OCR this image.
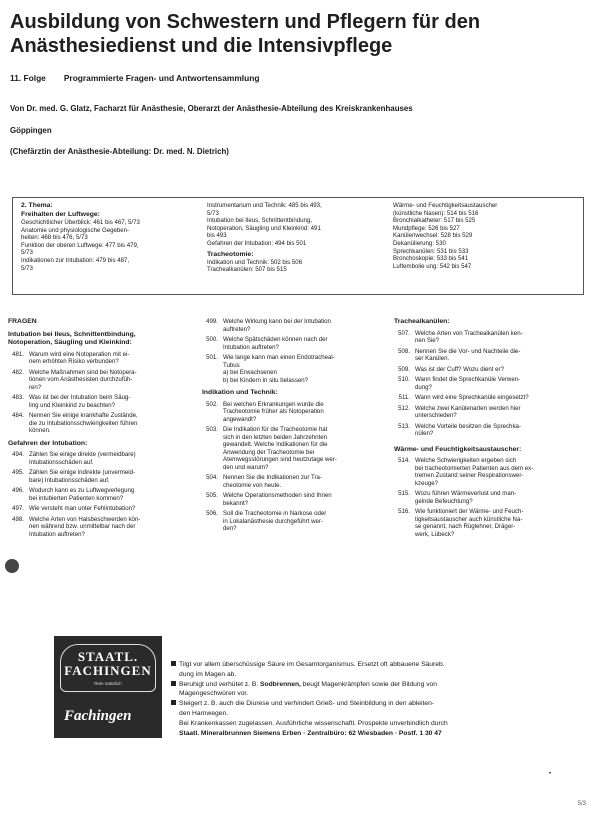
Ausbildung von Schwestern und Pflegern für den
Anästhesiedienst und die Intensivpflege
11. Folge Programmierte Fragen- und Antwortensammlung
Von Dr. med. G. Glatz, Facharzt für Anästhesie, Oberarzt der Anästhesie-Abteilung des Kreiskrankenhauses
Göppingen
(Chefärztin der Anästhesie-Abteilung: Dr. med. N. Dietrich)
2. Thema:
Freihalten der Luftwege:
Geschichtlicher Überblick: 461 bis 467, 5/73
Anatomie und physiologische Gegeben-
heiten: 468 bis 476, 5/73
Funktion der oberen Luftwege: 477 bis 479,
5/73
Indikationen zur Intubation: 479 bis 487,
5/73
Instrumentarium und Technik: 485 bis 493,
5/73
Intubation bei Ileus, Schnittentbindung,
Notoperation, Säugling und Kleinkind: 491
bis 493
Gefahren der Intubation: 494 bis 501
Tracheotomie:
Indikation und Technik: 502 bis 506
Trachealkanülen: 507 bis 515
Wärme- und Feuchtigkeitsaustauscher
(künstliche Nasen): 514 bis 516
Bronchialkatheter: 517 bis 525
Mundpflege: 526 bis 527
Kanülenwechsel: 528 bis 529
Dekanülierung: 530
Sprechkanülen: 531 bis 533
Bronchoskopie: 533 bis 541
Luftembolie ung: 542 bis 547
FRAGEN
Intubation bei Ileus, Schnittentbindung,
Notoperation, Säugling und Kleinkind:
481. Warum wird eine Notoperation mit ei-
nem erhöhten Risiko verbunden?
482. Welche Maßnahmen sind bei Notopera-
tionen vom Anästhesisten durchzufüh-
ren?
483. Was ist bei der Intubation beim Säug-
ling und Kleinkind zu beachten?
484. Nennen Sie einige krankhafte Zustände,
die zu Intubationsschwierigkeiten führen
können.
Gefahren der Intubation:
494. Zählen Sie einige direkte (vermeidbare)
Intubationsschäden auf.
495. Zählen Sie einige indirekte (unvermeid-
bare) Intubationsschäden auf.
496. Wodurch kann es zu Luftwegverlegung
bei intubierten Patienten kommen?
497. Wie versteht man unter Fehlintubation?
498. Welche Arten von Halsbeschwerden kön-
nen während bzw. unmittelbar nach der
Intubation auftreten?
499. Welche Wirkung kann bei der Intubation
auftreten?
500. Welche Spätschäden können nach der
Intubation auftreten?
501. Wie lange kann man einen Endotracheal-
Tubus
a) bei Erwachsenen
b) bei Kindern in situ belassen?
Indikation und Technik:
502. Bei welchen Erkrankungen wurde die
Tracheotomie früher als Notoperation
angewandt?
503. Die Indikation für die Tracheotomie hat
sich in den letzten beiden Jahrzehnten
gewandelt. Welche Indikationen für die
Anwendung der Tracheotomie bei
Atemwegsstörungen sind heutzutage wer-
den und warum?
504. Nennen Sie die Indikationen zur Tra-
cheotomie von heute.
505. Welche Operationsmethoden sind Ihnen
bekannt?
506. Soll die Tracheotomie in Narkose oder
in Lokalanästhesie durchgeführt wer-
den?
Trachealkanülen:
507. Welche Arten von Trachealkanülen ken-
nen Sie?
508. Nennen Sie die Vor- und Nachteile die-
ser Kanülen.
509. Was ist der Cuff? Wozu dient er?
510. Wann findet die Sprechkanüle Verwen-
dung?
511. Wann wird eine Sprechkanüle eingesetzt?
512. Welche zwei Kanülenarten werden hier
unterschieden?
513. Welche Vorteile besitzen die Sprechka-
nülen?
Wärme- und Feuchtigkeitsaustauscher:
514. Welche Schwierigkeiten ergeben sich
bei tracheotomierten Patienten aus dem ex-
tremen Zustand seiner Respirationswer-
kzeuge?
515. Wozu führen Wärmeverlust und man-
gelnde Befeuchtung?
516. Wie funktioniert der Wärme- und Feuch-
tigkeitsaustauscher auch künstliche Na-
se genannt, nach Rüglehner, Dräger-
werk, Lübeck?
STAATL.
FACHINGEN
Rein natürlich
Fachingen
Tilgt vor allem überschüssige Säure im Gesamtorganismus. Ersetzt oft abbauene Säureb.
dung im Magen ab.
Beruhigt und verhütet z. B. Sodbrennen, beugt Magenkrämpfen sowie der Bildung von
Magengeschwüren vor.
Steigert z. B. auch die Diurese und verhindert Grieß- und Steinbildung in den ableiten-
den Harnwegen.
Bei Krankenkassen zugelassen. Ausführliche wissenschaftl. Prospekte unverbindlich durch
Staatl. Mineralbrunnen Siemens Erben · Zentralbüro: 62 Wiesbaden · Postf. 1 30 47
•
5/3
